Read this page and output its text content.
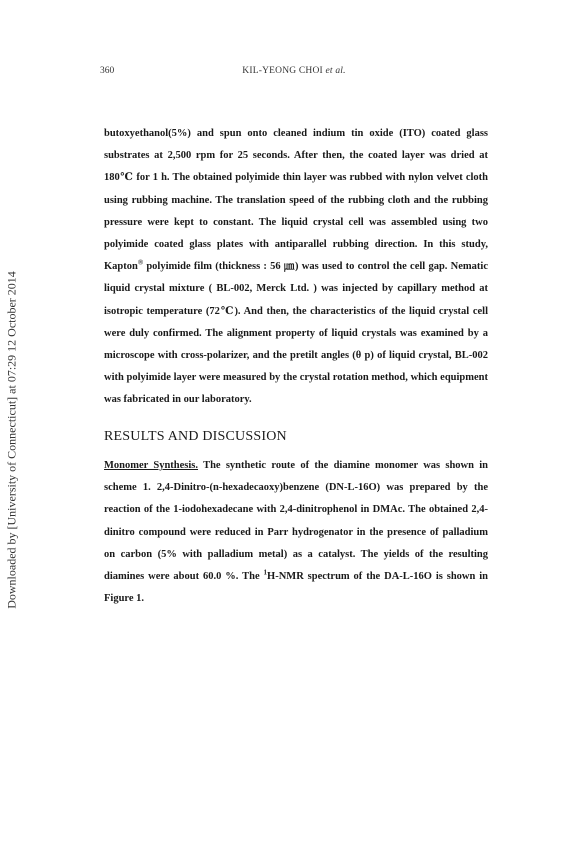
Downloaded by [University of Connecticut] at 07:29 12 October 2014
360	KIL-YEONG CHOI et al.

butoxyethanol(5%) and spun onto cleaned indium tin oxide (ITO) coated glass substrates at 2,500 rpm for 25 seconds. After then, the coated layer was dried at 180℃ for 1 h. The obtained polyimide thin layer was rubbed with nylon velvet cloth using rubbing machine. The translation speed of the rubbing cloth and the rubbing pressure were kept to constant. The liquid crystal cell was assembled using two polyimide coated glass plates with antiparallel rubbing direction. In this study, Kapton® polyimide film (thickness : 56 ㎛) was used to control the cell gap. Nematic liquid crystal mixture ( BL-002, Merck Ltd. ) was injected by capillary method at isotropic temperature (72℃). And then, the characteristics of the liquid crystal cell were duly confirmed. The alignment property of liquid crystals was examined by a microscope with cross-polarizer, and the pretilt angles (θ p) of liquid crystal, BL-002 with polyimide layer were measured by the crystal rotation method, which equipment was fabricated in our laboratory.

RESULTS AND DISCUSSION

Monomer Synthesis. The synthetic route of the diamine monomer was shown in scheme 1. 2,4-Dinitro-(n-hexadecaoxy)benzene (DN-L-16O) was prepared by the reaction of the 1-iodohexadecane with 2,4-dinitrophenol in DMAc. The obtained 2,4-dinitro compound were reduced in Parr hydrogenator in the presence of palladium on carbon (5% with palladium metal) as a catalyst. The yields of the resulting diamines were about 60.0 %. The $^1$H-NMR spectrum of the DA-L-16O is shown in Figure 1.
